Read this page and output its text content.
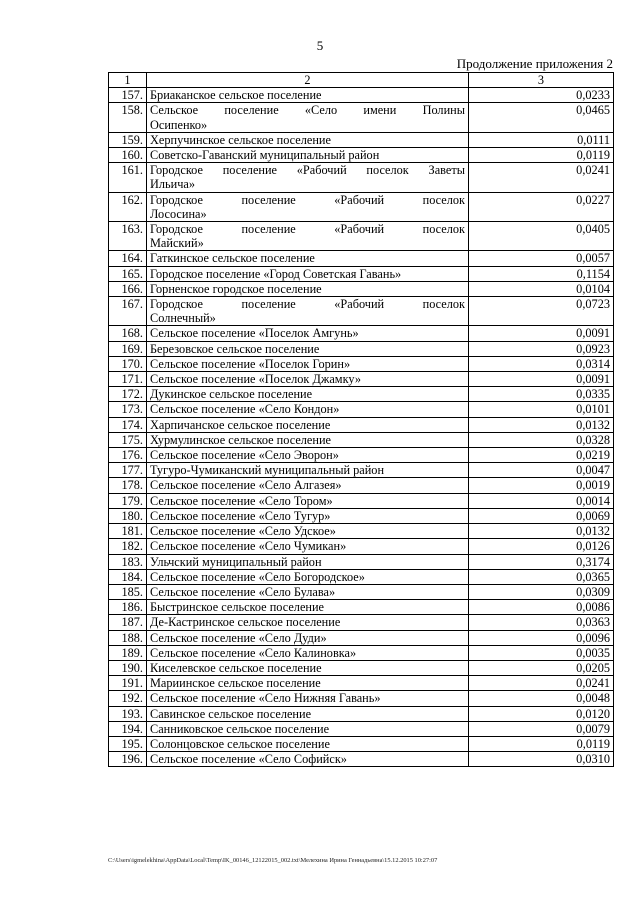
5
Продолжение приложения 2
1	2	3
157.	Бриаканское сельское поселение	0,0233
158.	Сельское поселение «Село имени Полины
Осипенко»	0,0465
159.	Херпучинское сельское поселение	0,0111
160.	Советско-Гаванский муниципальный район	0,0119
161.	Городское поселение «Рабочий поселок Заветы
Ильича»	0,0241
162.	Городское поселение «Рабочий поселок
Лососина»	0,0227
163.	Городское поселение «Рабочий поселок
Майский»	0,0405
164.	Гаткинское сельское поселение	0,0057
165.	Городское поселение «Город Советская Гавань»	0,1154
166.	Горненское городское поселение	0,0104
167.	Городское поселение «Рабочий поселок
Солнечный»	0,0723
168.	Сельское поселение «Поселок Амгунь»	0,0091
169.	Березовское сельское поселение	0,0923
170.	Сельское поселение «Поселок Горин»	0,0314
171.	Сельское поселение «Поселок Джамку»	0,0091
172.	Дукинское сельское поселение	0,0335
173.	Сельское поселение «Село Кондон»	0,0101
174.	Харпичанское сельское поселение	0,0132
175.	Хурмулинское сельское поселение	0,0328
176.	Сельское поселение «Село Эворон»	0,0219
177.	Тугуро-Чумиканский муниципальный район	0,0047
178.	Сельское поселение «Село Алгазея»	0,0019
179.	Сельское поселение «Село Тором»	0,0014
180.	Сельское поселение «Село Тугур»	0,0069
181.	Сельское поселение «Село Удское»	0,0132
182.	Сельское поселение «Село Чумикан»	0,0126
183.	Ульчский муниципальный район	0,3174
184.	Сельское поселение «Село Богородское»	0,0365
185.	Сельское поселение «Село Булава»	0,0309
186.	Быстринское сельское поселение	0,0086
187.	Де-Кастринское сельское поселение	0,0363
188.	Сельское поселение «Село Дуди»	0,0096
189.	Сельское поселение «Село Калиновка»	0,0035
190.	Киселевское сельское поселение	0,0205
191.	Мариинское сельское поселение	0,0241
192.	Сельское поселение «Село Нижняя Гавань»	0,0048
193.	Савинское сельское поселение	0,0120
194.	Санниковское сельское поселение	0,0079
195.	Солонцовское сельское поселение	0,0119
196.	Сельское поселение «Село Софийск»	0,0310
C:\Users\igmelekhina\AppData\Local\Temp\IK_00146_12122015_002.txt\Мелехина Ирина Геннадьевна\15.12.2015 10:27:07
